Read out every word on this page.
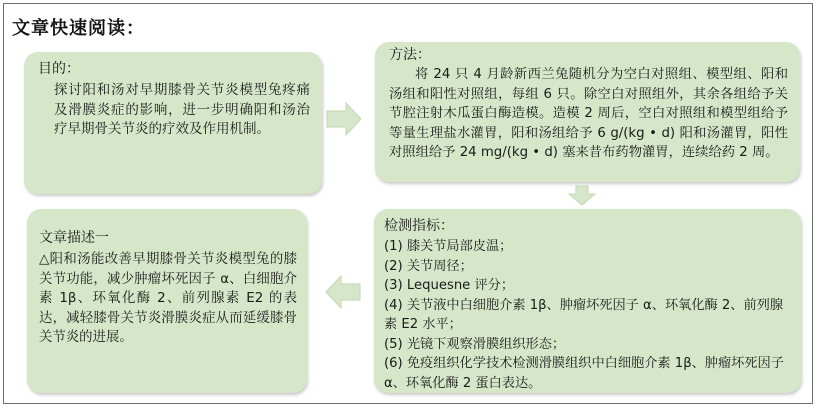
文章快速阅读：
目的：

探讨阳和汤对早期膝骨关节炎模型兔疼痛及滑膜炎症的影响，进一步明确阳和汤治疗早期骨关节炎的疗效及作用机制。

方法：

将 24 只 4 月龄新西兰兔随机分为空白对照组、模型组、阳和汤组和阳性对照组，每组 6 只。除空白对照组外，其余各组给予关节腔注射木瓜蛋白酶造模。造模 2 周后，空白对照组和模型组给予等量生理盐水灌胃，阳和汤组给予 6 g/(kg • d) 阳和汤灌胃，阳性对照组给予 24 mg/(kg • d) 塞来昔布药物灌胃，连续给药 2 周。

文章描述一

△阳和汤能改善早期膝骨关节炎模型兔的膝关节功能，减少肿瘤坏死因子 α、白细胞介素 1β、环氧化酶 2、前列腺素 E2 的表达，减轻膝骨关节炎滑膜炎症从而延缓膝骨关节炎的进展。

检测指标：
(1) 膝关节局部皮温；
(2) 关节周径；
(3) Lequesne 评分；
(4) 关节液中白细胞介素 1β、肿瘤坏死因子 α、环氧化酶 2、前列腺素 E2 水平；
(5) 光镜下观察滑膜组织形态；
(6) 免疫组织化学技术检测滑膜组织中白细胞介素 1β、肿瘤坏死因子 α、环氧化酶 2 蛋白表达。
